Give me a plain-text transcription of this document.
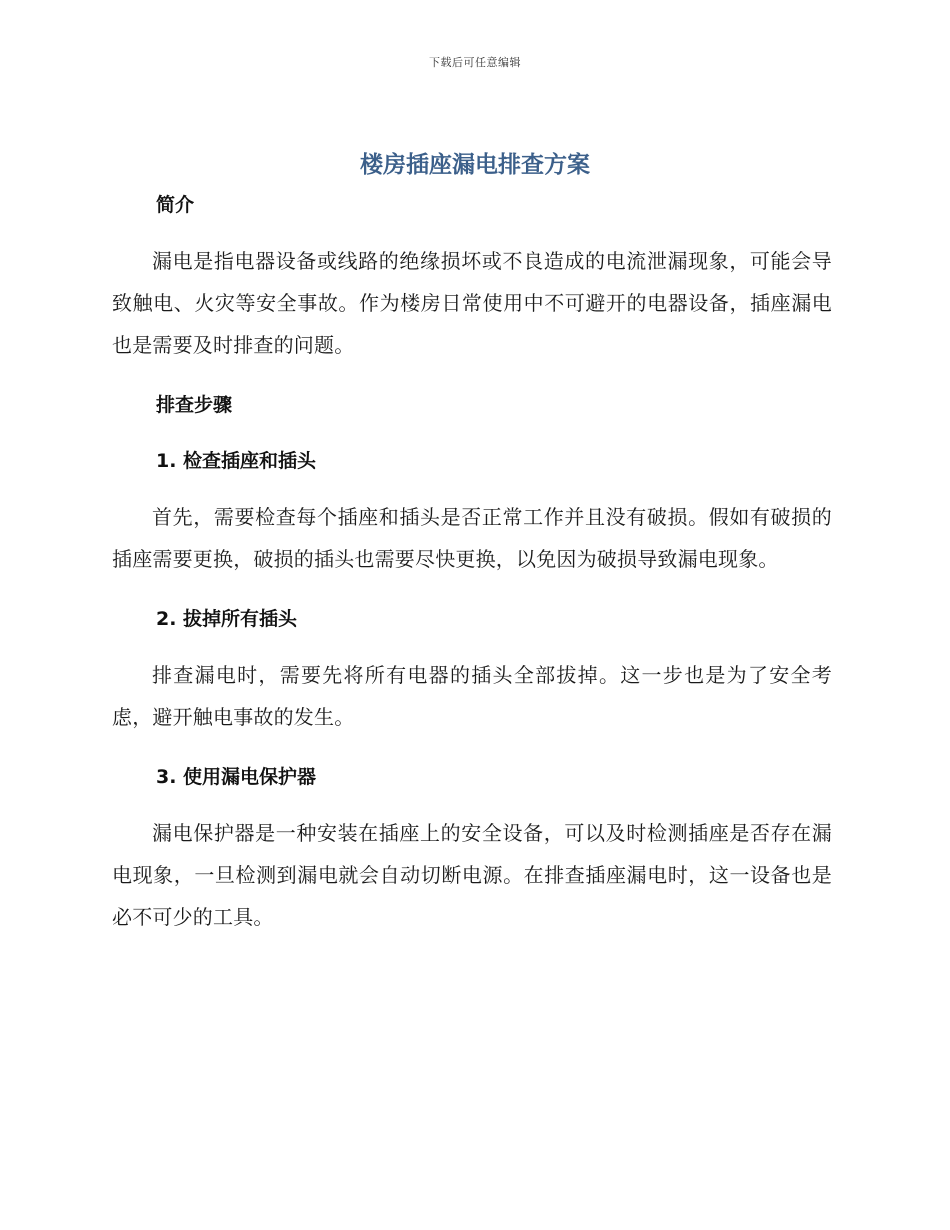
下载后可任意编辑
楼房插座漏电排查方案
简介

漏电是指电器设备或线路的绝缘损坏或不良造成的电流泄漏现象，可能会导致触电、火灾等安全事故。作为楼房日常使用中不可避开的电器设备，插座漏电也是需要及时排查的问题。

排查步骤
1. 检查插座和插头

首先，需要检查每个插座和插头是否正常工作并且没有破损。假如有破损的插座需要更换，破损的插头也需要尽快更换，以免因为破损导致漏电现象。

2. 拔掉所有插头

排查漏电时，需要先将所有电器的插头全部拔掉。这一步也是为了安全考虑，避开触电事故的发生。

3. 使用漏电保护器

漏电保护器是一种安装在插座上的安全设备，可以及时检测插座是否存在漏电现象，一旦检测到漏电就会自动切断电源。在排查插座漏电时，这一设备也是必不可少的工具。
